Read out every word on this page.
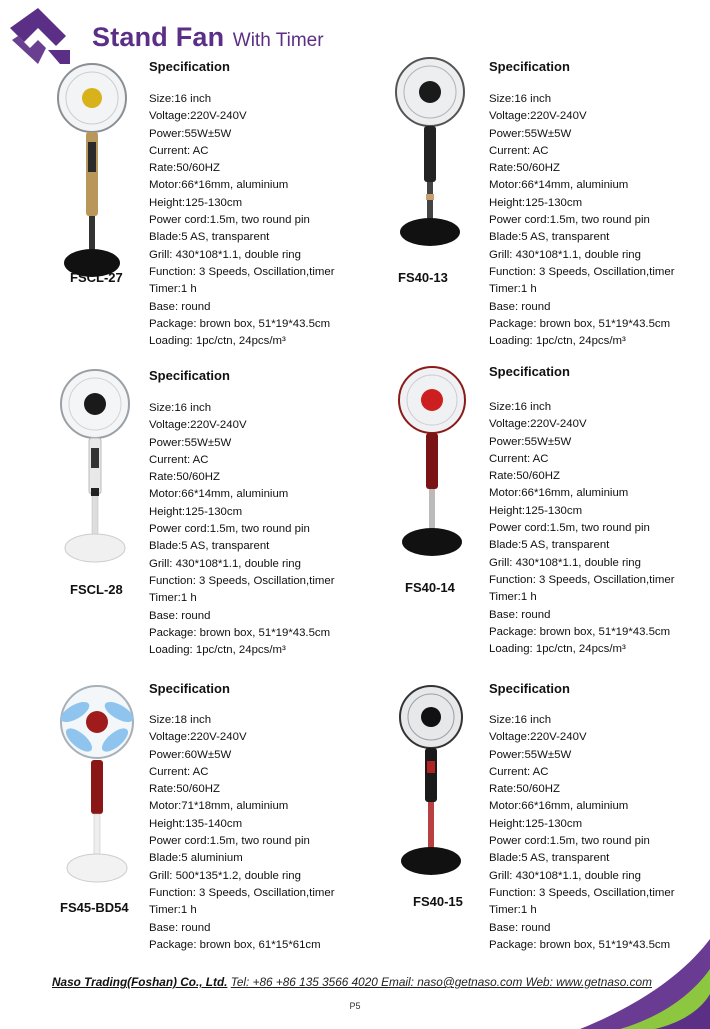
Stand Fan With Timer
FSCL-27
Specification
Size:16 inch
Voltage:220V-240V
Power:55W±5W
Current: AC
Rate:50/60HZ
Motor:66*16mm, aluminium
Height:125-130cm
Power cord:1.5m, two round pin
Blade:5 AS, transparent
Grill: 430*108*1.1, double ring
Function: 3 Speeds, Oscillation,timer
Timer:1 h
Base: round
Package: brown box, 51*19*43.5cm
Loading: 1pc/ctn, 24pcs/m³
FS40-13
Specification
Size:16 inch
Voltage:220V-240V
Power:55W±5W
Current: AC
Rate:50/60HZ
Motor:66*14mm, aluminium
Height:125-130cm
Power cord:1.5m, two round pin
Blade:5 AS, transparent
Grill: 430*108*1.1, double ring
Function: 3 Speeds, Oscillation,timer
Timer:1 h
Base: round
Package: brown box, 51*19*43.5cm
Loading: 1pc/ctn, 24pcs/m³
FSCL-28
Specification
Size:16 inch
Voltage:220V-240V
Power:55W±5W
Current: AC
Rate:50/60HZ
Motor:66*14mm, aluminium
Height:125-130cm
Power cord:1.5m, two round pin
Blade:5 AS, transparent
Grill: 430*108*1.1, double ring
Function: 3 Speeds, Oscillation,timer
Timer:1 h
Base: round
Package: brown box, 51*19*43.5cm
Loading: 1pc/ctn, 24pcs/m³
FS40-14
Specification
Size:16 inch
Voltage:220V-240V
Power:55W±5W
Current: AC
Rate:50/60HZ
Motor:66*16mm, aluminium
Height:125-130cm
Power cord:1.5m, two round pin
Blade:5 AS, transparent
Grill: 430*108*1.1, double ring
Function: 3 Speeds, Oscillation,timer
Timer:1 h
Base: round
Package: brown box, 51*19*43.5cm
Loading: 1pc/ctn, 24pcs/m³
FS45-BD54
Specification
Size:18 inch
Voltage:220V-240V
Power:60W±5W
Current: AC
Rate:50/60HZ
Motor:71*18mm, aluminium
Height:135-140cm
Power cord:1.5m, two round pin
Blade:5 aluminium
Grill: 500*135*1.2, double ring
Function: 3 Speeds, Oscillation,timer
Timer:1 h
Base: round
Package: brown box, 61*15*61cm
FS40-15
Specification
Size:16 inch
Voltage:220V-240V
Power:55W±5W
Current: AC
Rate:50/60HZ
Motor:66*16mm, aluminium
Height:125-130cm
Power cord:1.5m, two round pin
Blade:5 AS, transparent
Grill: 430*108*1.1, double ring
Function: 3 Speeds, Oscillation,timer
Timer:1 h
Base: round
Package: brown box, 51*19*43.5cm
Naso Trading(Foshan) Co., Ltd. Tel: +86 +86 135 3566 4020 Email: naso@getnaso.com Web: www.getnaso.com
P5
